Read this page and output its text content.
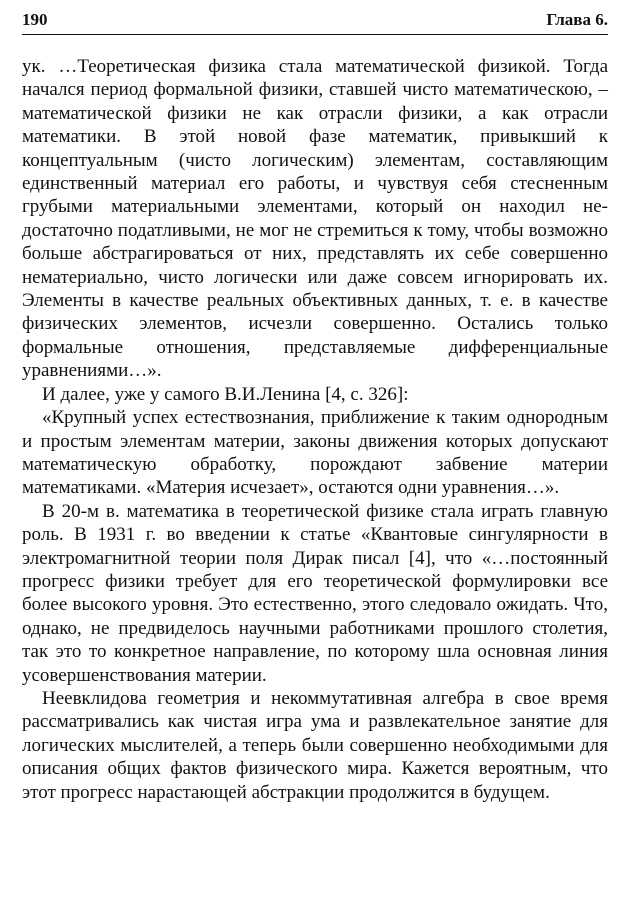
190	Глава 6.

ук. …Теоретическая физика стала математической физикой. Тогда начался период формальной физики, ставшей чисто математическою, – математической физики не как отрасли физики, а как отрасли математики. В этой новой фазе математик, привыкший к концептуальным (чисто логическим) элементам, составляющим единственный материал его работы, и чувствуя себя стесненным грубыми материальными элементами, который он находил недостаточно податливыми, не мог не стремиться к тому, чтобы возможно больше абстрагироваться от них, представлять их себе совершенно нематериально, чисто логически или даже совсем игнорировать их. Элементы в качестве реальных объективных данных, т. е. в качестве физических элементов, исчезли совершенно. Остались только формальные отношения, представляемые дифференциальные уравнениями…».

И далее, уже у самого В.И.Ленина [4, с. 326]:

«Крупный успех естествознания, приближение к таким однородным и простым элементам материи, законы движения которых допускают математическую обработку, порождают забвение материи математиками. «Материя исчезает», остаются одни уравнения…».

В 20-м в. математика в теоретической физике стала играть главную роль. В 1931 г. во введении к статье «Квантовые сингулярности в электромагнитной теории поля Дирак писал [4], что «…постоянный прогресс физики требует для его теоретической формулировки все более высокого уровня. Это естественно, этого следовало ожидать. Что, однако, не предвиделось научными работниками прошлого столетия, так это то конкретное направление, по которому шла основная линия усовершенствования материи.

Неевклидова геометрия и некоммутативная алгебра в свое время рассматривались как чистая игра ума и развлекательное занятие для логических мыслителей, а теперь были совершенно необходимыми для описания общих фактов физического мира. Кажется вероятным, что этот прогресс нарастающей абстракции продолжится в будущем.
